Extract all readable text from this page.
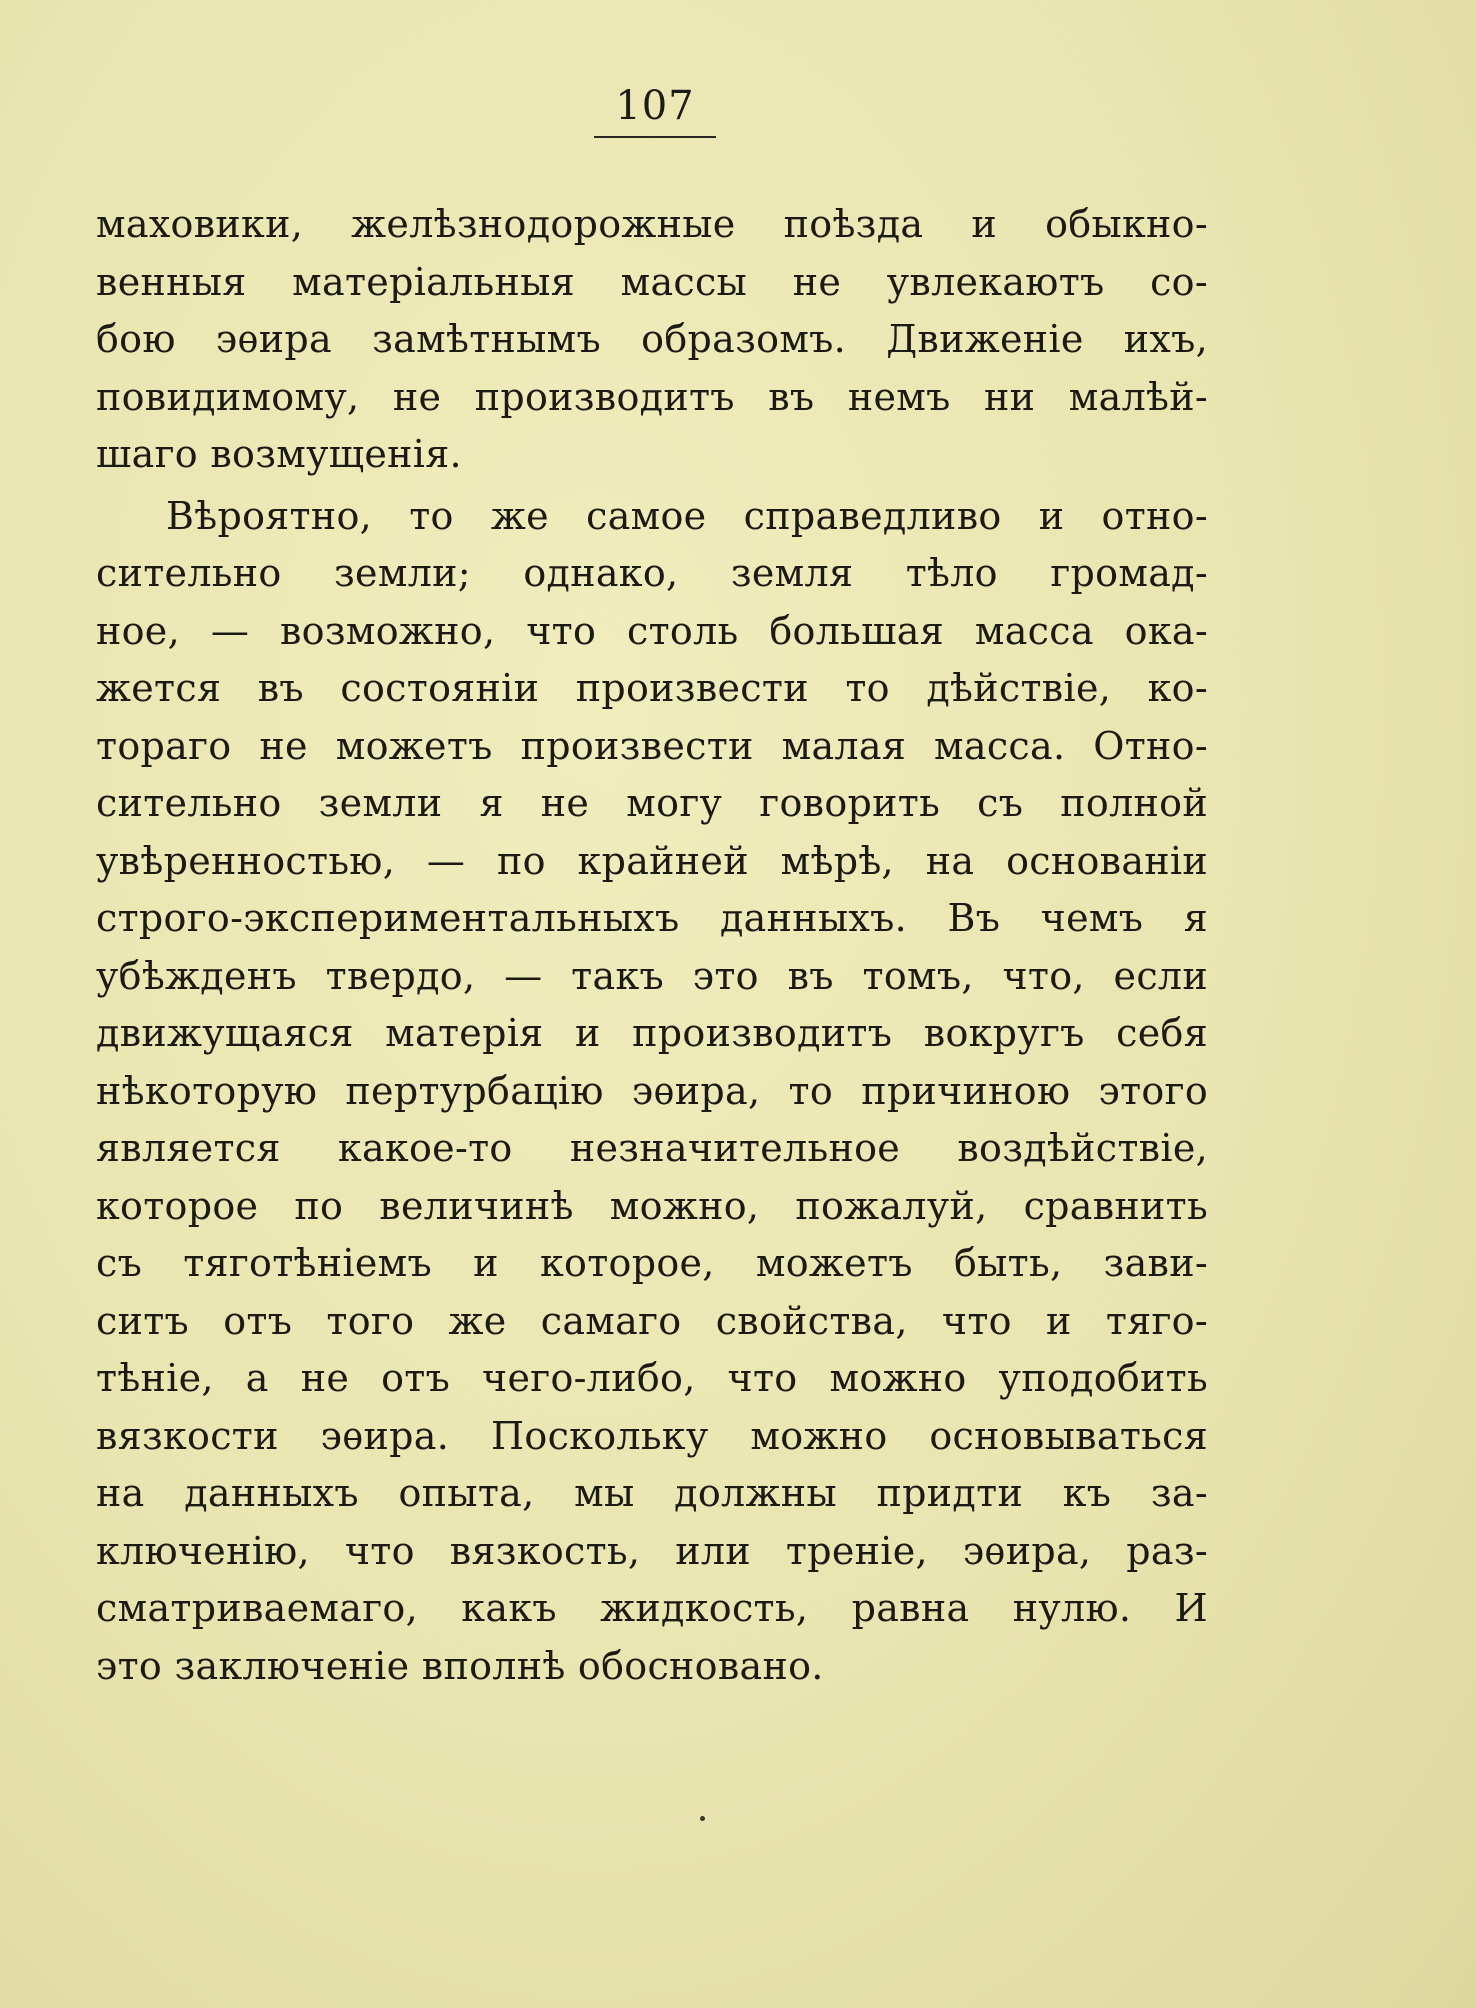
107
маховики, желѣзнодорожные поѣзда и обыкно-
венныя матеріальныя массы не увлекаютъ со-
бою эѳира замѣтнымъ образомъ. Движеніе ихъ,
повидимому, не производитъ въ немъ ни малѣй-
шаго возмущенія.
Вѣроятно, то же самое справедливо и отно-
сительно земли; однако, земля тѣло громад-
ное, — возможно, что столь большая масса ока-
жется въ состояніи произвести то дѣйствіе, ко-
тораго не можетъ произвести малая масса. Отно-
сительно земли я не могу говорить съ полной
увѣренностью, — по крайней мѣрѣ, на основаніи
строго-экспериментальныхъ данныхъ. Въ чемъ я
убѣжденъ твердо, — такъ это въ томъ, что, если
движущаяся матерія и производитъ вокругъ себя
нѣкоторую пертурбацію эѳира, то причиною этого
является какое-то незначительное воздѣйствіе,
которое по величинѣ можно, пожалуй, сравнить
съ тяготѣніемъ и которое, можетъ быть, зави-
ситъ отъ того же самаго свойства, что и тяго-
тѣніе, а не отъ чего-либо, что можно уподобить
вязкости эѳира. Поскольку можно основываться
на данныхъ опыта, мы должны придти къ за-
ключенію, что вязкость, или треніе, эѳира, раз-
сматриваемаго, какъ жидкость, равна нулю. И
это заключеніе вполнѣ обосновано.
